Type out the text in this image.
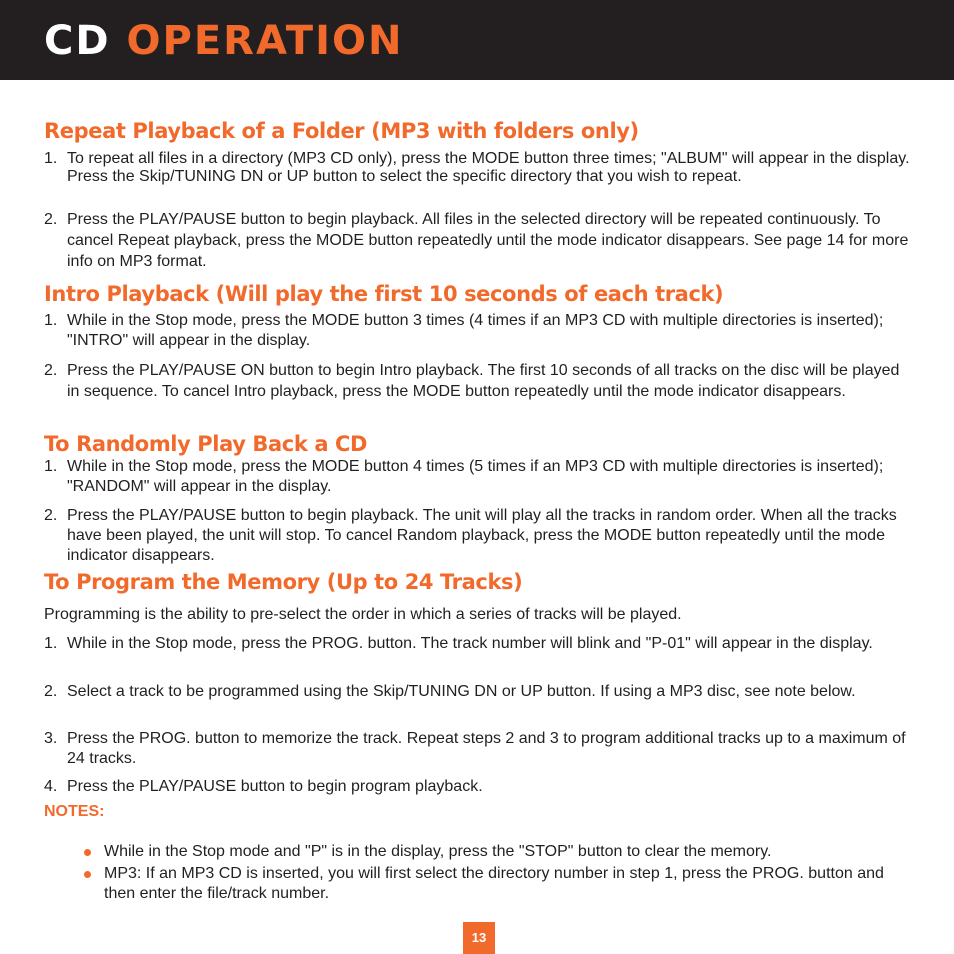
CD OPERATION
Repeat Playback of a Folder (MP3 with folders only)
1. To repeat all files in a directory (MP3 CD only), press the MODE button three times; "ALBUM" will appear in the display. Press the Skip/TUNING DN or UP button to select the specific directory that you wish to repeat.
2. Press the PLAY/PAUSE button to begin playback. All files in the selected directory will be repeated continuously. To cancel Repeat playback, press the MODE button repeatedly until the mode indicator disappears. See page 14 for more info on MP3 format.
Intro Playback (Will play the first 10 seconds of each track)
1. While in the Stop mode, press the MODE button 3 times (4 times if an MP3 CD with multiple directories is inserted); "INTRO" will appear in the display.
2. Press the PLAY/PAUSE ON button to begin Intro playback. The first 10 seconds of all tracks on the disc will be played in sequence. To cancel Intro playback, press the MODE button repeatedly until the mode indicator disappears.
To Randomly Play Back a CD
1. While in the Stop mode, press the MODE button 4 times (5 times if an MP3 CD with multiple directories is inserted); "RANDOM" will appear in the display.
2. Press the PLAY/PAUSE button to begin playback. The unit will play all the tracks in random order. When all the tracks have been played, the unit will stop. To cancel Random playback, press the MODE button repeatedly until the mode indicator disappears.
To Program the Memory (Up to 24 Tracks)
Programming is the ability to pre-select the order in which a series of tracks will be played.
1. While in the Stop mode, press the PROG. button. The track number will blink and "P-01" will appear in the display.
2. Select a track to be programmed using the Skip/TUNING DN or UP button. If using a MP3 disc, see note below.
3. Press the PROG. button to memorize the track. Repeat steps 2 and 3 to program additional tracks up to a maximum of 24 tracks.
4. Press the PLAY/PAUSE button to begin program playback.
NOTES:
While in the Stop mode and "P" is in the display, press the "STOP" button to clear the memory.
MP3: If an MP3 CD is inserted, you will first select the directory number in step 1, press the PROG. button and then enter the file/track number.
13
